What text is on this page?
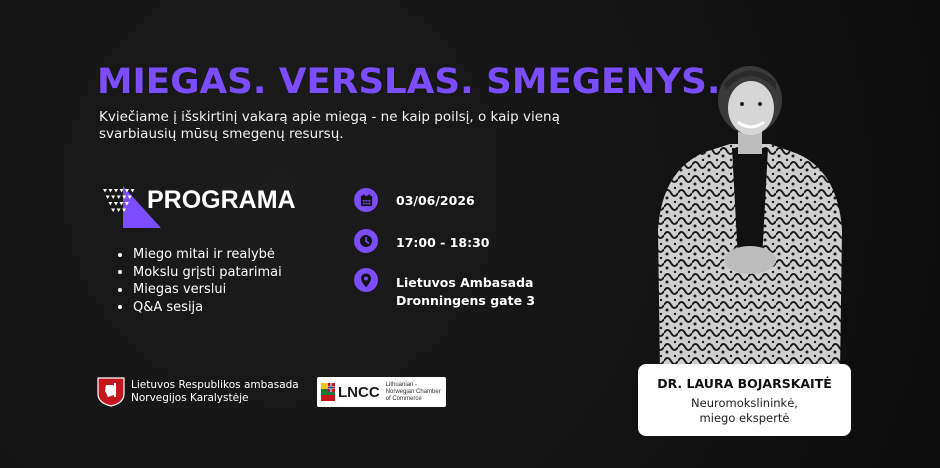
MIEGAS. VERSLAS. SMEGENYS.
Kviečiame į išskirtinį vakarą apie miegą - ne kaip poilsį, o kaip vieną svarbiausių mūsų smegenų resursų.
PROGRAMA
Miego mitai ir realybė
Mokslu grįsti patarimai
Miegas verslui
Q&A sesija
03/06/2026
17:00 - 18:30
Lietuvos Ambasada
Dronningens gate 3
DR. LAURA BOJARSKAITĖ
Neuromokslininkė,
miego ekspertė
Lietuvos Respublikos ambasada
Norvegijos Karalystėje	LNCC Lithuanian - Norwegian Chamber of Commerce
